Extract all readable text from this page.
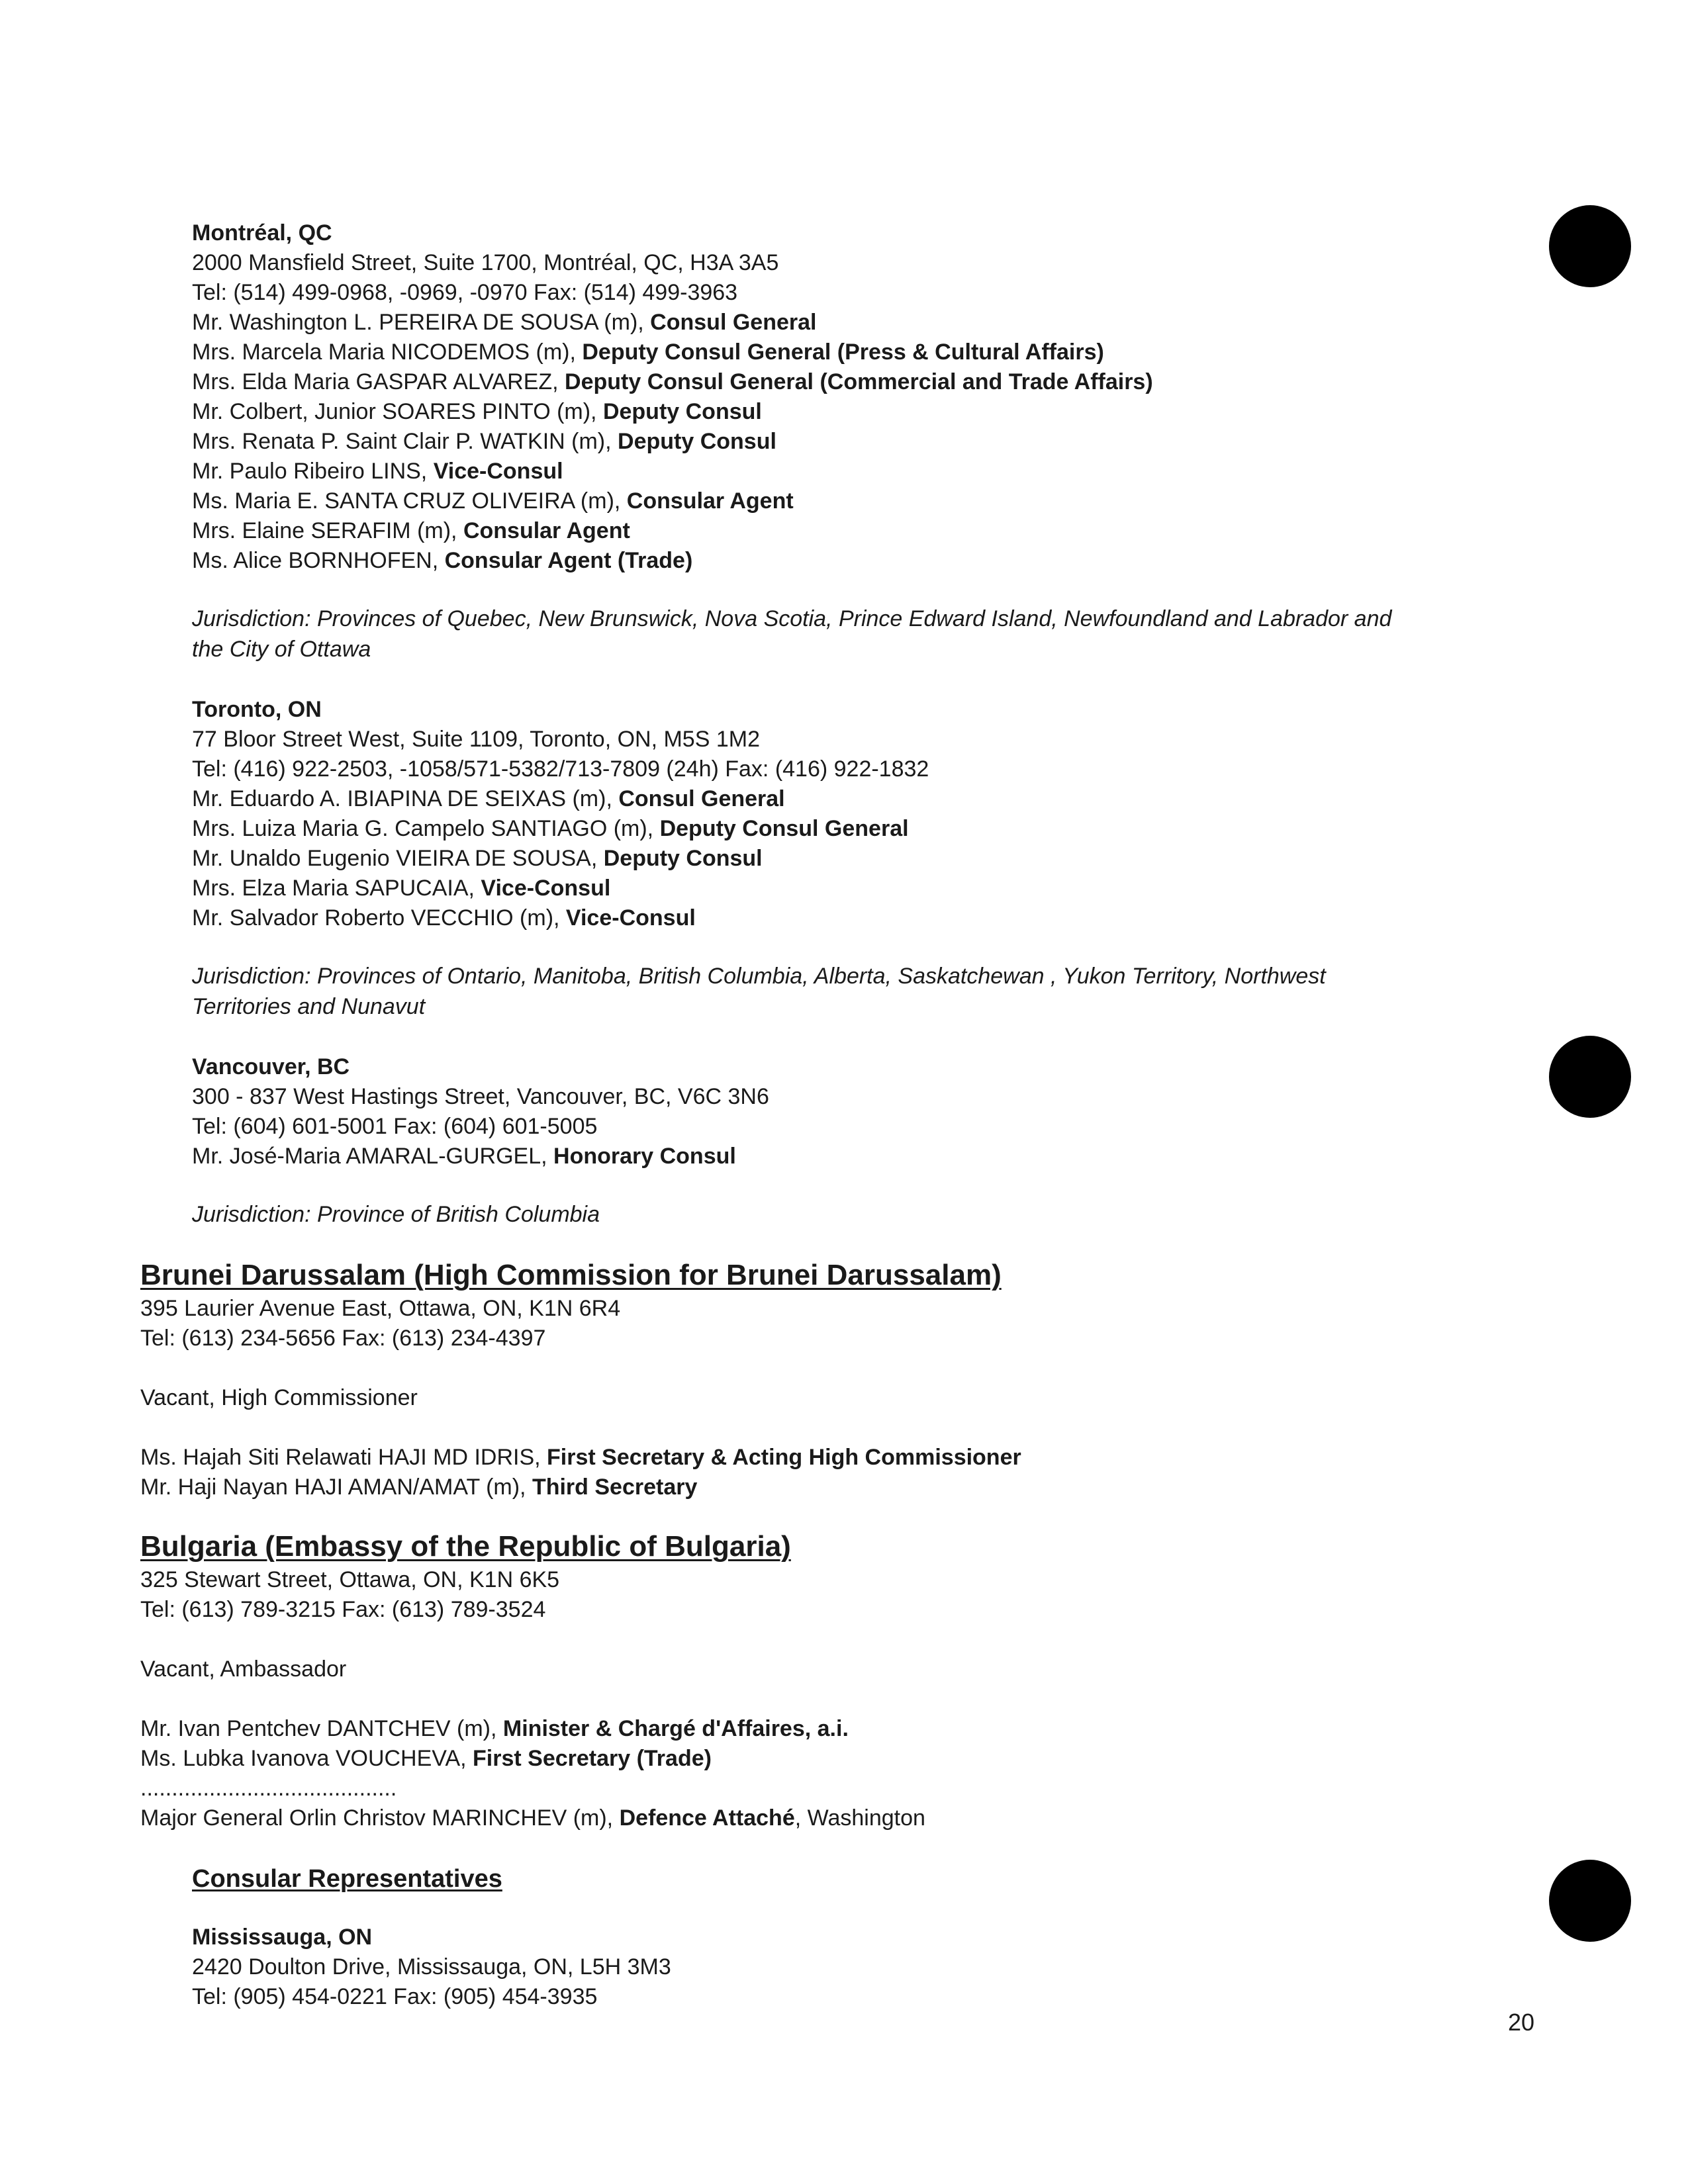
20
Montréal, QC
2000 Mansfield Street, Suite 1700, Montréal, QC, H3A 3A5
Tel: (514) 499-0968, -0969, -0970 Fax: (514) 499-3963
Mr. Washington L. PEREIRA DE SOUSA (m), Consul General
Mrs. Marcela Maria NICODEMOS (m), Deputy Consul General (Press & Cultural Affairs)
Mrs. Elda Maria GASPAR ALVAREZ, Deputy Consul General (Commercial and Trade Affairs)
Mr. Colbert, Junior SOARES PINTO (m), Deputy Consul
Mrs. Renata P. Saint Clair P. WATKIN (m), Deputy Consul
Mr. Paulo Ribeiro LINS, Vice-Consul
Ms. Maria E. SANTA CRUZ OLIVEIRA (m), Consular Agent
Mrs. Elaine SERAFIM (m), Consular Agent
Ms. Alice BORNHOFEN, Consular Agent (Trade)
Jurisdiction: Provinces of Quebec, New Brunswick, Nova Scotia, Prince Edward Island, Newfoundland and Labrador and
the City of Ottawa
Toronto, ON
77 Bloor Street West, Suite 1109, Toronto, ON, M5S 1M2
Tel: (416) 922-2503, -1058/571-5382/713-7809 (24h) Fax: (416) 922-1832
Mr. Eduardo A. IBIAPINA DE SEIXAS (m), Consul General
Mrs. Luiza Maria G. Campelo SANTIAGO (m), Deputy Consul General
Mr. Unaldo Eugenio VIEIRA DE SOUSA, Deputy Consul
Mrs. Elza Maria SAPUCAIA, Vice-Consul
Mr. Salvador Roberto VECCHIO (m), Vice-Consul
Jurisdiction: Provinces of Ontario, Manitoba, British Columbia, Alberta, Saskatchewan , Yukon Territory, Northwest
Territories and Nunavut
Vancouver, BC
300 - 837 West Hastings Street, Vancouver, BC, V6C 3N6
Tel: (604) 601-5001 Fax: (604) 601-5005
Mr. José-Maria AMARAL-GURGEL, Honorary Consul
Jurisdiction: Province of British Columbia
Brunei Darussalam (High Commission for Brunei Darussalam)
395 Laurier Avenue East, Ottawa, ON, K1N 6R4
Tel: (613) 234-5656 Fax: (613) 234-4397
Vacant, High Commissioner
Ms. Hajah Siti Relawati HAJI MD IDRIS, First Secretary & Acting High Commissioner
Mr. Haji Nayan HAJI AMAN/AMAT (m), Third Secretary
Bulgaria (Embassy of the Republic of Bulgaria)
325 Stewart Street, Ottawa, ON, K1N 6K5
Tel: (613) 789-3215 Fax: (613) 789-3524
Vacant, Ambassador
Mr. Ivan Pentchev DANTCHEV (m), Minister & Chargé d'Affaires, a.i.
Ms. Lubka Ivanova VOUCHEVA, First Secretary (Trade)
.........................................
Major General Orlin Christov MARINCHEV (m), Defence Attaché, Washington
Consular Representatives
Mississauga, ON
2420 Doulton Drive, Mississauga, ON, L5H 3M3
Tel: (905) 454-0221 Fax: (905) 454-3935
